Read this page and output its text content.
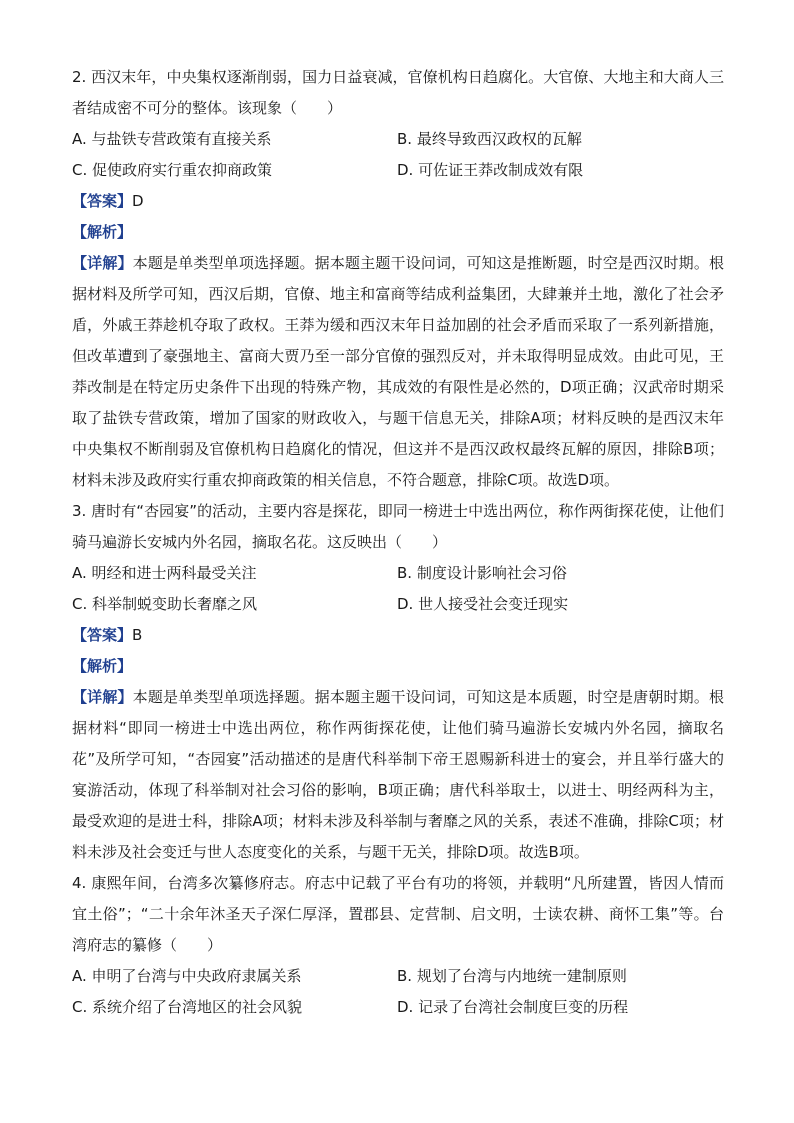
2. 西汉末年，中央集权逐渐削弱，国力日益衰减，官僚机构日趋腐化。大官僚、大地主和大商人三者结成密不可分的整体。该现象（　　）

A. 与盐铁专营政策有直接关系	B. 最终导致西汉政权的瓦解
C. 促使政府实行重农抑商政策	D. 可佐证王莽改制成效有限

【答案】D

【解析】

【详解】本题是单类型单项选择题。据本题主题干设问词，可知这是推断题，时空是西汉时期。根据材料及所学可知，西汉后期，官僚、地主和富商等结成利益集团，大肆兼并土地，激化了社会矛盾，外戚王莽趁机夺取了政权。王莽为缓和西汉末年日益加剧的社会矛盾而采取了一系列新措施，但改革遭到了豪强地主、富商大贾乃至一部分官僚的强烈反对，并未取得明显成效。由此可见，王莽改制是在特定历史条件下出现的特殊产物，其成效的有限性是必然的，D项正确；汉武帝时期采取了盐铁专营政策，增加了国家的财政收入，与题干信息无关，排除A项；材料反映的是西汉末年中央集权不断削弱及官僚机构日趋腐化的情况，但这并不是西汉政权最终瓦解的原因，排除B项；材料未涉及政府实行重农抑商政策的相关信息，不符合题意，排除C项。故选D项。

3. 唐时有“杏园宴”的活动，主要内容是探花，即同一榜进士中选出两位，称作两街探花使，让他们骑马遍游长安城内外名园，摘取名花。这反映出（　　）

A. 明经和进士两科最受关注	B. 制度设计影响社会习俗
C. 科举制蜕变助长奢靡之风	D. 世人接受社会变迁现实

【答案】B

【解析】

【详解】本题是单类型单项选择题。据本题主题干设问词，可知这是本质题，时空是唐朝时期。根据材料“即同一榜进士中选出两位，称作两街探花使，让他们骑马遍游长安城内外名园，摘取名花”及所学可知，“杏园宴”活动描述的是唐代科举制下帝王恩赐新科进士的宴会，并且举行盛大的宴游活动，体现了科举制对社会习俗的影响，B项正确；唐代科举取士，以进士、明经两科为主，最受欢迎的是进士科，排除A项；材料未涉及科举制与奢靡之风的关系，表述不准确，排除C项；材料未涉及社会变迁与世人态度变化的关系，与题干无关，排除D项。故选B项。

4. 康熙年间，台湾多次纂修府志。府志中记载了平台有功的将领，并载明“凡所建置，皆因人情而宜土俗”；“二十余年沐圣天子深仁厚泽，置郡县、定营制、启文明，士读农耕、商怀工集”等。台湾府志的纂修（　　）

A. 申明了台湾与中央政府隶属关系	B. 规划了台湾与内地统一建制原则
C. 系统介绍了台湾地区的社会风貌	D. 记录了台湾社会制度巨变的历程
